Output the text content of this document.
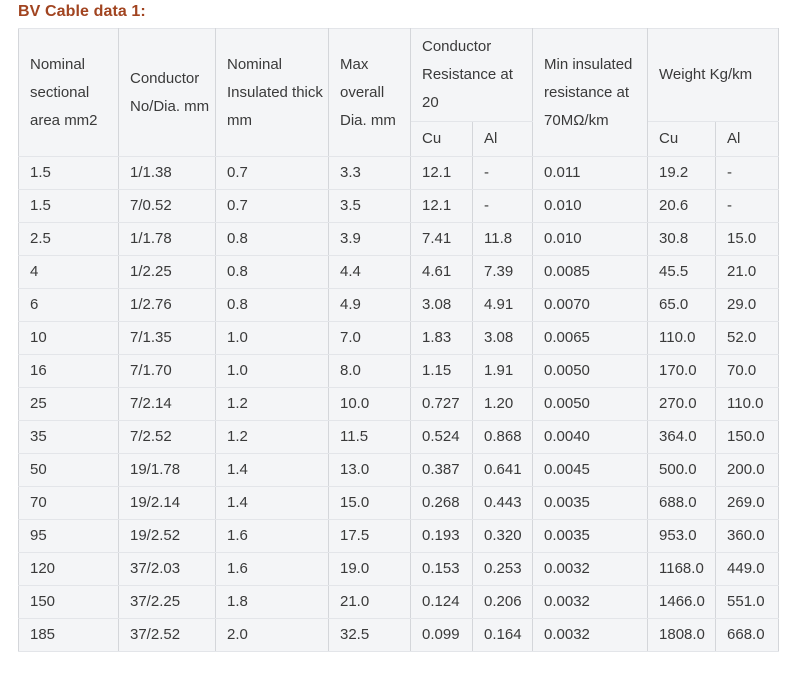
BV Cable data 1:
Nominal sectional area mm2	Conductor No/Dia. mm	Nominal Insulated thick mm	Max overall Dia. mm	Conductor Resistance at 20		Min insulated resistance at 70MΩ/km	Weight Kg/km	
				Cu	Al		Cu	Al
1.5	1/1.38	0.7	3.3	12.1	-	0.011	19.2	-
1.5	7/0.52	0.7	3.5	12.1	-	0.010	20.6	-
2.5	1/1.78	0.8	3.9	7.41	11.8	0.010	30.8	15.0
4	1/2.25	0.8	4.4	4.61	7.39	0.0085	45.5	21.0
6	1/2.76	0.8	4.9	3.08	4.91	0.0070	65.0	29.0
10	7/1.35	1.0	7.0	1.83	3.08	0.0065	110.0	52.0
16	7/1.70	1.0	8.0	1.15	1.91	0.0050	170.0	70.0
25	7/2.14	1.2	10.0	0.727	1.20	0.0050	270.0	110.0
35	7/2.52	1.2	11.5	0.524	0.868	0.0040	364.0	150.0
50	19/1.78	1.4	13.0	0.387	0.641	0.0045	500.0	200.0
70	19/2.14	1.4	15.0	0.268	0.443	0.0035	688.0	269.0
95	19/2.52	1.6	17.5	0.193	0.320	0.0035	953.0	360.0
120	37/2.03	1.6	19.0	0.153	0.253	0.0032	1168.0	449.0
150	37/2.25	1.8	21.0	0.124	0.206	0.0032	1466.0	551.0
185	37/2.52	2.0	32.5	0.099	0.164	0.0032	1808.0	668.0
